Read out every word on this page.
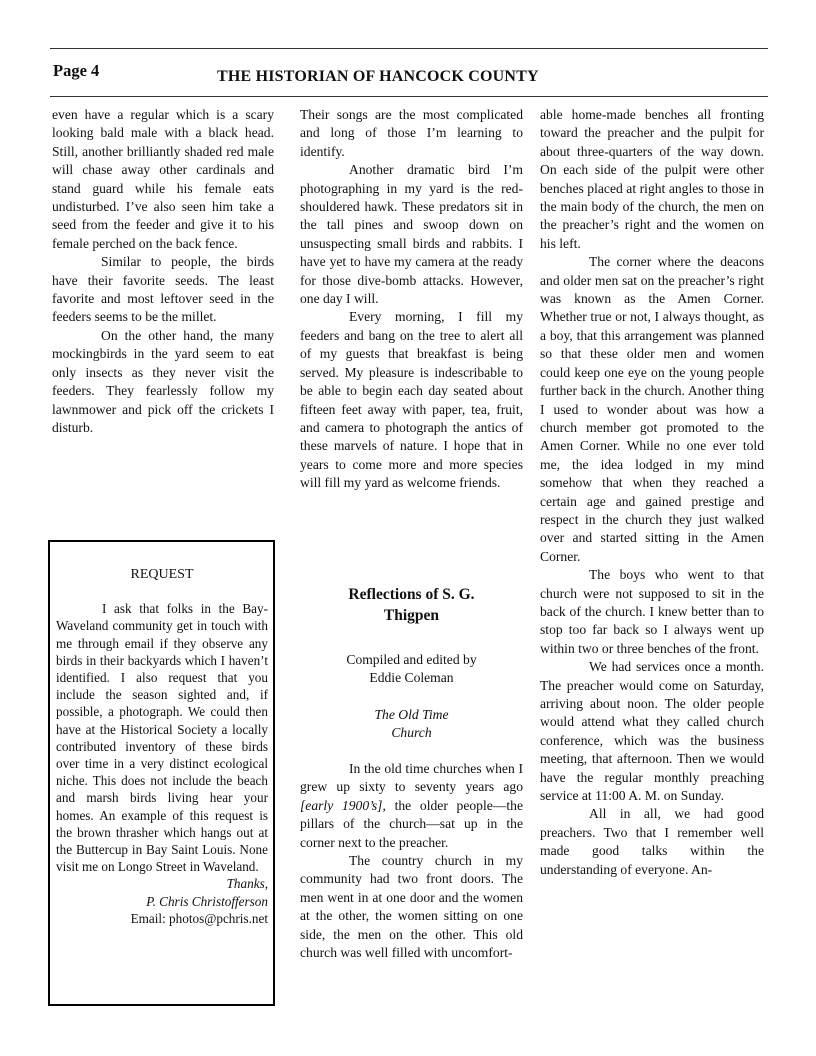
Page 4	THE HISTORIAN OF HANCOCK COUNTY

even have a regular which is a scary looking bald male with a black head. Still, another brilliantly shaded red male will chase away other cardinals and stand guard while his female eats undisturbed. I’ve also seen him take a seed from the feeder and give it to his female perched on the back fence.

Similar to people, the birds have their favorite seeds. The least favorite and most leftover seed in the feeders seems to be the millet.

On the other hand, the many mockingbirds in the yard seem to eat only insects as they never visit the feeders. They fearlessly follow my lawnmower and pick off the crickets I disturb.

REQUEST

I ask that folks in the Bay-Waveland community get in touch with me through email if they observe any birds in their backyards which I haven’t identified. I also request that you include the season sighted and, if possible, a photograph. We could then have at the Historical Society a locally contributed inventory of these birds over time in a very distinct ecological niche. This does not include the beach and marsh birds living hear your homes. An example of this request is the brown thrasher which hangs out at the Buttercup in Bay Saint Louis. None visit me on Longo Street in Waveland.

Thanks,

P. Chris Christofferson

Email: photos@pchris.net

Their songs are the most complicated and long of those I’m learning to identify.

Another dramatic bird I’m photographing in my yard is the red-shouldered hawk. These predators sit in the tall pines and swoop down on unsuspecting small birds and rabbits. I have yet to have my camera at the ready for those dive-bomb attacks. However, one day I will.

Every morning, I fill my feeders and bang on the tree to alert all of my guests that breakfast is being served. My pleasure is indescribable to be able to begin each day seated about fifteen feet away with paper, tea, fruit, and camera to photograph the antics of these marvels of nature. I hope that in years to come more and more species will fill my yard as welcome friends.

Reflections of S. G.
Thigpen
Compiled and edited by
Eddie Coleman
The Old Time
Church

In the old time churches when I grew up sixty to seventy years ago [early 1900’s], the older people—the pillars of the church—sat up in the corner next to the preacher.

The country church in my community had two front doors. The men went in at one door and the women at the other, the women sitting on one side, the men on the other. This old church was well filled with uncomfort-

able home-made benches all fronting toward the preacher and the pulpit for about three-quarters of the way down. On each side of the pulpit were other benches placed at right angles to those in the main body of the church, the men on the preacher’s right and the women on his left.

The corner where the deacons and older men sat on the preacher’s right was known as the Amen Corner. Whether true or not, I always thought, as a boy, that this arrangement was planned so that these older men and women could keep one eye on the young people further back in the church. Another thing I used to wonder about was how a church member got promoted to the Amen Corner. While no one ever told me, the idea lodged in my mind somehow that when they reached a certain age and gained prestige and respect in the church they just walked over and started sitting in the Amen Corner.

The boys who went to that church were not supposed to sit in the back of the church. I knew better than to stop too far back so I always went up within two or three benches of the front.

We had services once a month. The preacher would come on Saturday, arriving about noon. The older people would attend what they called church conference, which was the business meeting, that afternoon. Then we would have the regular monthly preaching service at 11:00 A. M. on Sunday.

All in all, we had good preachers. Two that I remember well made good talks within the understanding of everyone. An-
